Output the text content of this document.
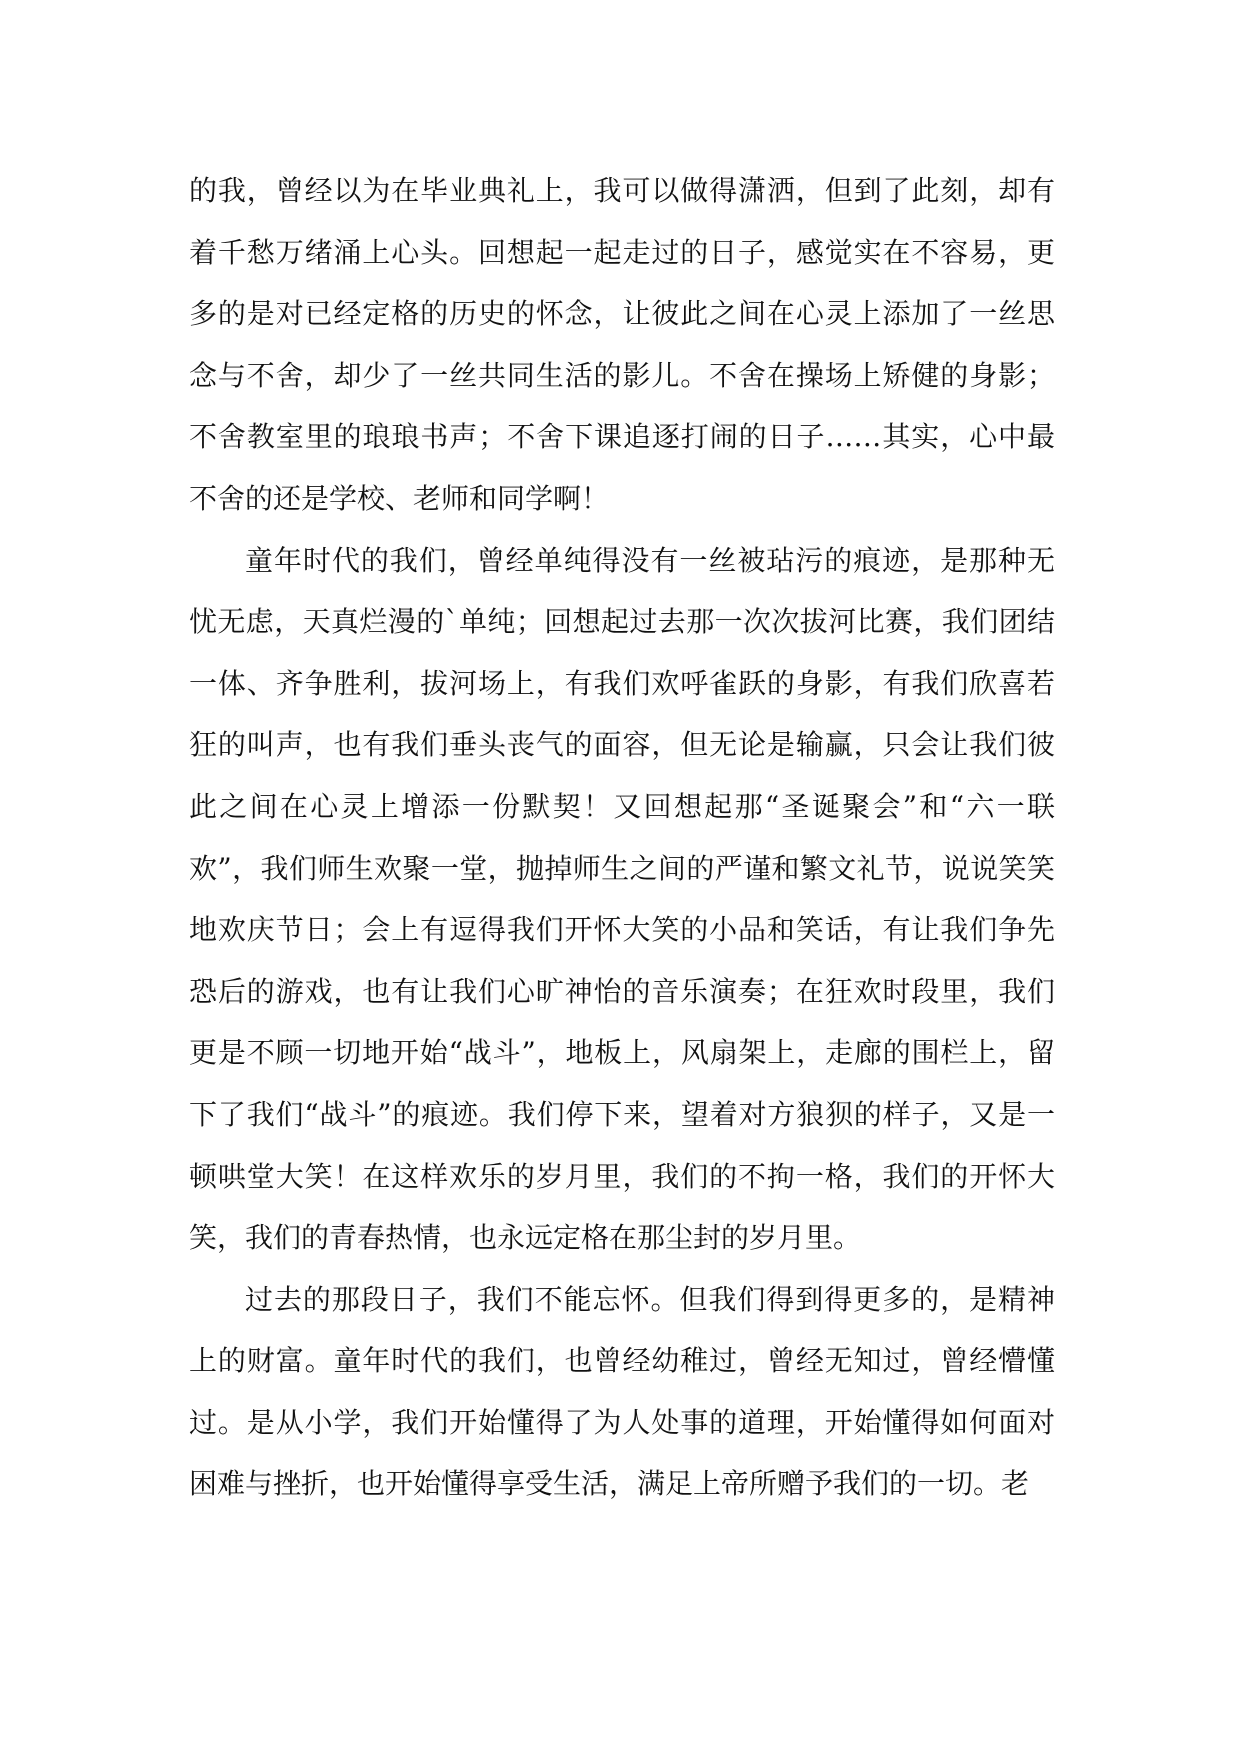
的我，曾经以为在毕业典礼上，我可以做得潇洒，但到了此刻，却有着千愁万绪涌上心头。回想起一起走过的日子，感觉实在不容易，更多的是对已经定格的历史的怀念，让彼此之间在心灵上添加了一丝思念与不舍，却少了一丝共同生活的影儿。不舍在操场上矫健的身影；不舍教室里的琅琅书声；不舍下课追逐打闹的日子……其实，心中最不舍的还是学校、老师和同学啊！

童年时代的我们，曾经单纯得没有一丝被玷污的痕迹，是那种无忧无虑，天真烂漫的`单纯；回想起过去那一次次拔河比赛，我们团结一体、齐争胜利，拔河场上，有我们欢呼雀跃的身影，有我们欣喜若狂的叫声，也有我们垂头丧气的面容，但无论是输赢，只会让我们彼此之间在心灵上增添一份默契！又回想起那“圣诞聚会”和“六一联欢”，我们师生欢聚一堂，抛掉师生之间的严谨和繁文礼节，说说笑笑地欢庆节日；会上有逗得我们开怀大笑的小品和笑话，有让我们争先恐后的游戏，也有让我们心旷神怡的音乐演奏；在狂欢时段里，我们更是不顾一切地开始“战斗”，地板上，风扇架上，走廊的围栏上，留下了我们“战斗”的痕迹。我们停下来，望着对方狼狈的样子，又是一顿哄堂大笑！在这样欢乐的岁月里，我们的不拘一格，我们的开怀大笑，我们的青春热情，也永远定格在那尘封的岁月里。

过去的那段日子，我们不能忘怀。但我们得到得更多的，是精神上的财富。童年时代的我们，也曾经幼稚过，曾经无知过，曾经懵懂过。是从小学，我们开始懂得了为人处事的道理，开始懂得如何面对困难与挫折，也开始懂得享受生活，满足上帝所赠予我们的一切。老
